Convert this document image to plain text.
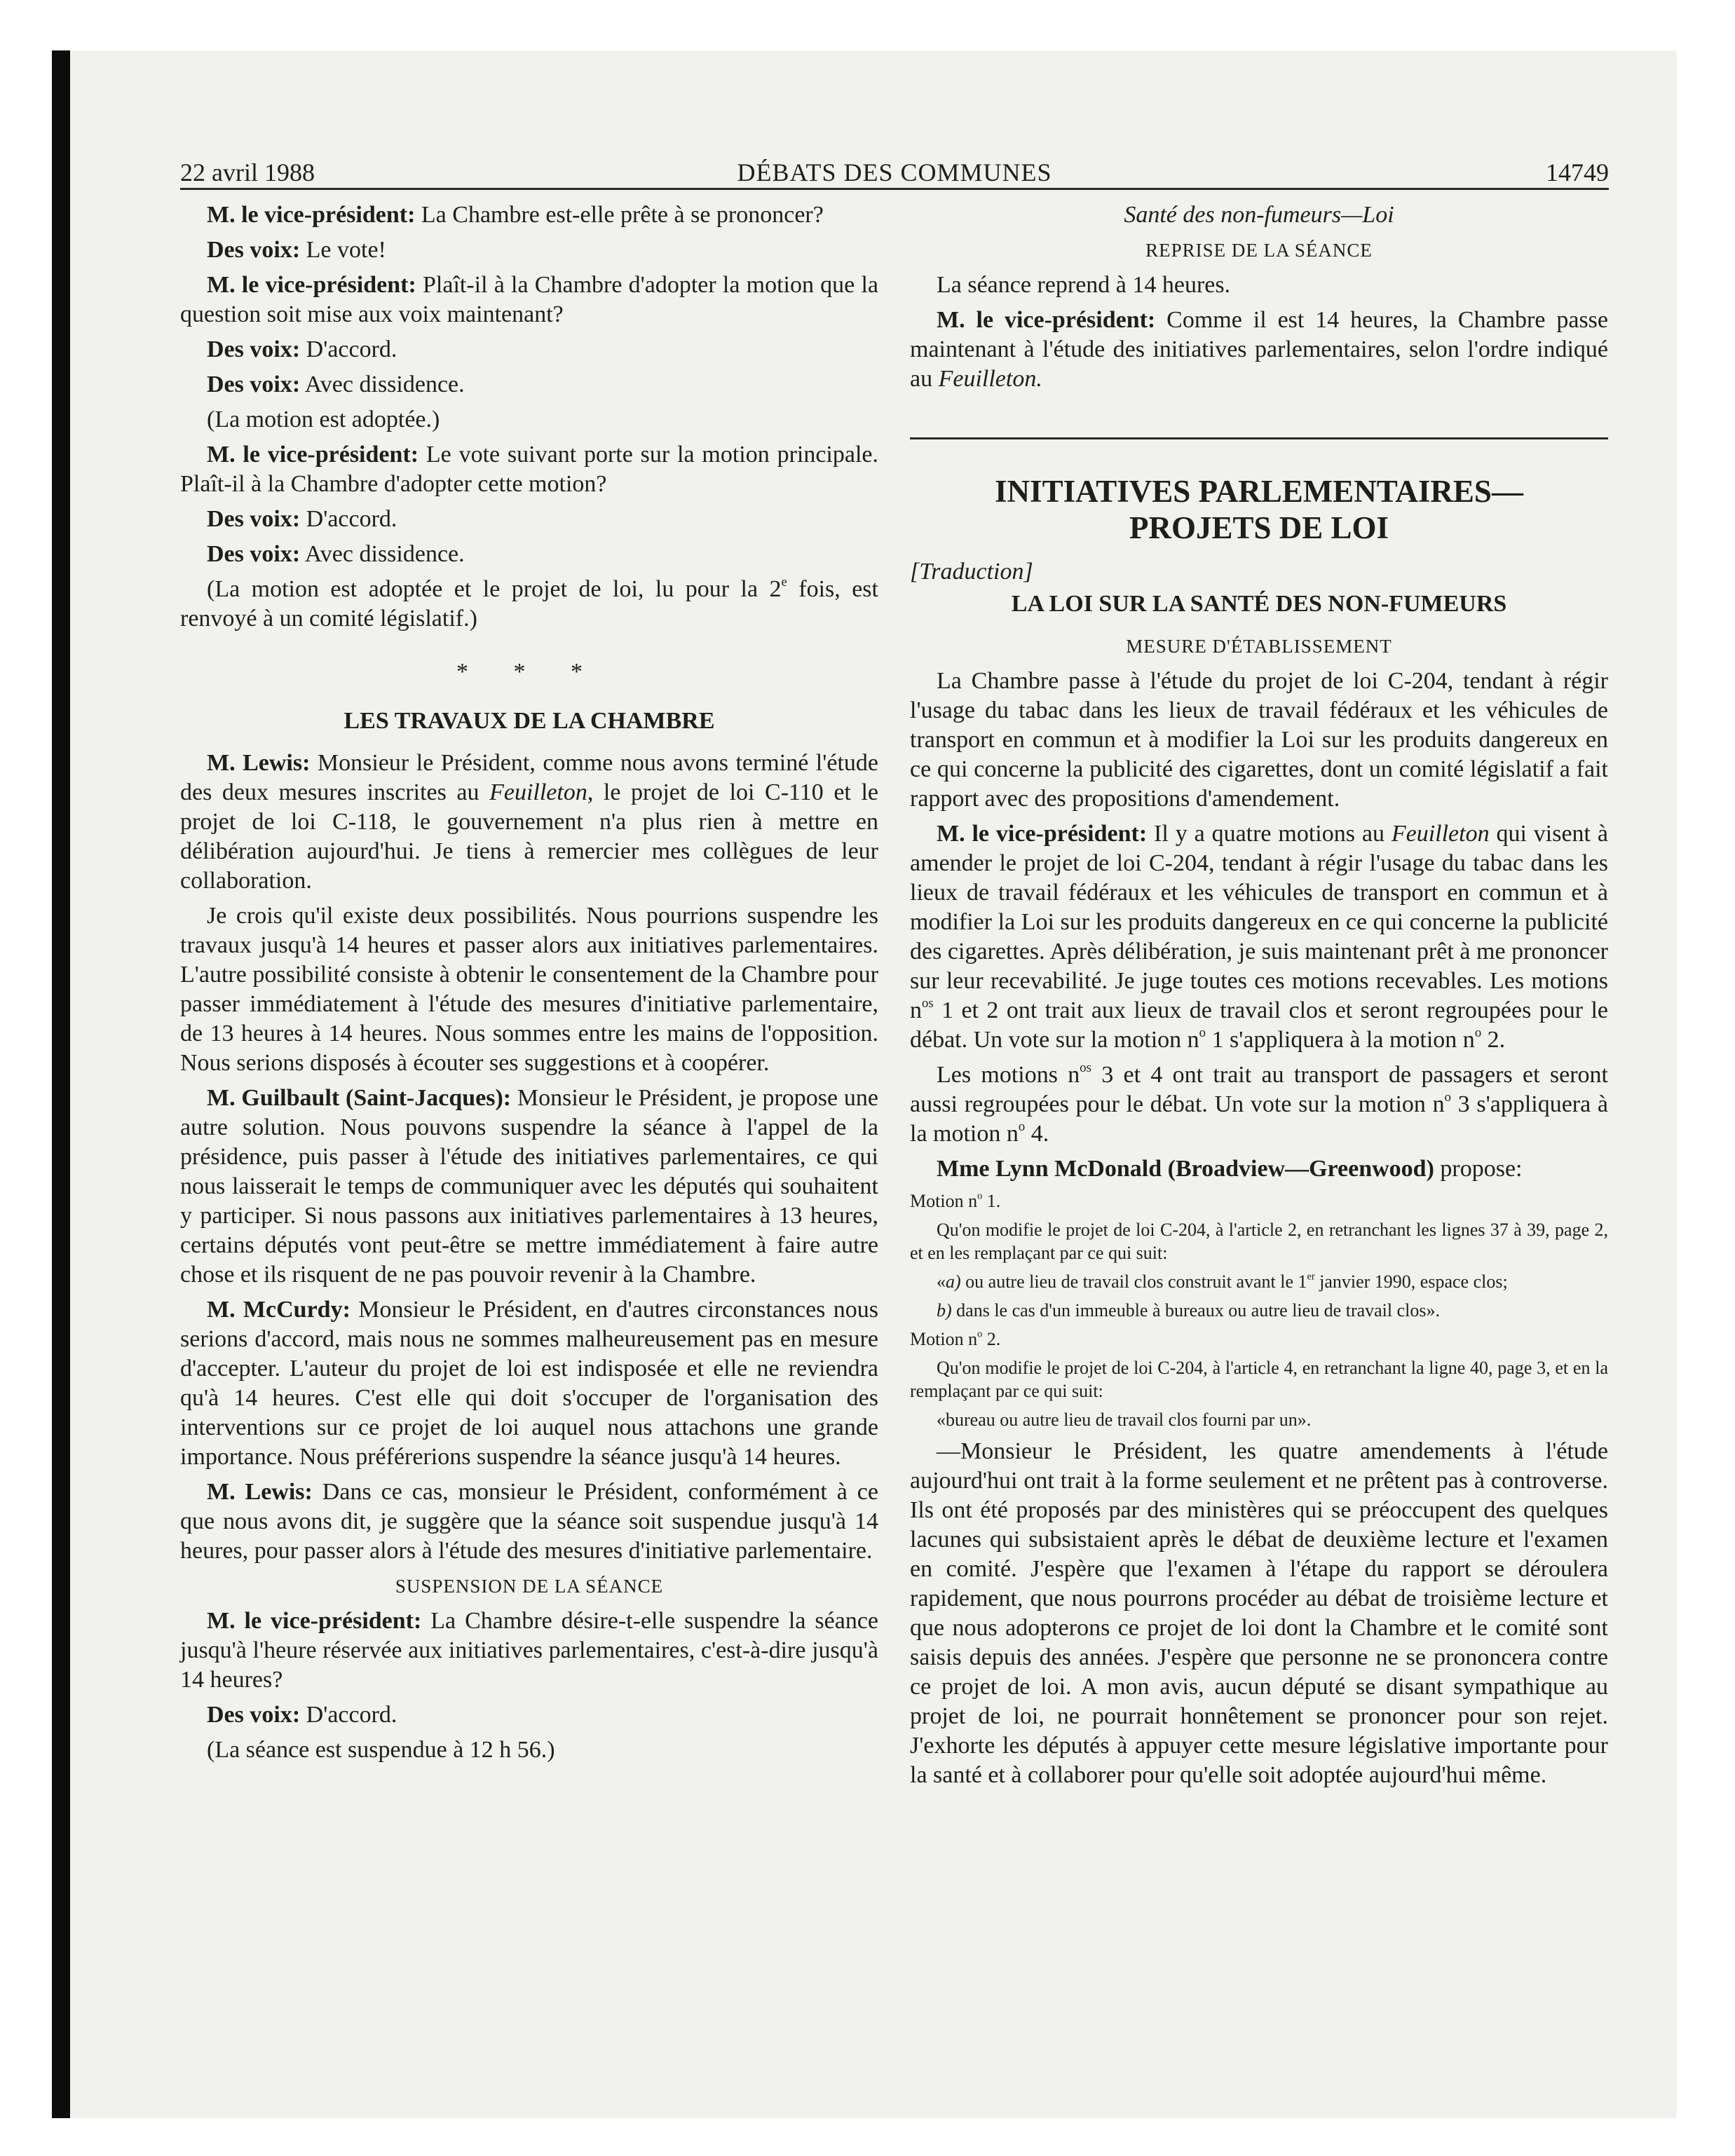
22 avril 1988	DÉBATS DES COMMUNES	14749

M. le vice-président: La Chambre est-elle prête à se prononcer?

Des voix: Le vote!

M. le vice-président: Plaît-il à la Chambre d'adopter la motion que la question soit mise aux voix maintenant?

Des voix: D'accord.

Des voix: Avec dissidence.

(La motion est adoptée.)

M. le vice-président: Le vote suivant porte sur la motion principale. Plaît-il à la Chambre d'adopter cette motion?

Des voix: D'accord.

Des voix: Avec dissidence.

(La motion est adoptée et le projet de loi, lu pour la 2e fois, est renvoyé à un comité législatif.)

* * *
LES TRAVAUX DE LA CHAMBRE

M. Lewis: Monsieur le Président, comme nous avons terminé l'étude des deux mesures inscrites au Feuilleton, le projet de loi C-110 et le projet de loi C-118, le gouvernement n'a plus rien à mettre en délibération aujourd'hui. Je tiens à remercier mes collègues de leur collaboration.

Je crois qu'il existe deux possibilités. Nous pourrions suspendre les travaux jusqu'à 14 heures et passer alors aux initiatives parlementaires. L'autre possibilité consiste à obtenir le consentement de la Chambre pour passer immédiatement à l'étude des mesures d'initiative parlementaire, de 13 heures à 14 heures. Nous sommes entre les mains de l'opposition. Nous serions disposés à écouter ses suggestions et à coopérer.

M. Guilbault (Saint-Jacques): Monsieur le Président, je propose une autre solution. Nous pouvons suspendre la séance à l'appel de la présidence, puis passer à l'étude des initiatives parlementaires, ce qui nous laisserait le temps de communiquer avec les députés qui souhaitent y participer. Si nous passons aux initiatives parlementaires à 13 heures, certains députés vont peut-être se mettre immédiatement à faire autre chose et ils risquent de ne pas pouvoir revenir à la Chambre.

M. McCurdy: Monsieur le Président, en d'autres circonstances nous serions d'accord, mais nous ne sommes malheureusement pas en mesure d'accepter. L'auteur du projet de loi est indisposée et elle ne reviendra qu'à 14 heures. C'est elle qui doit s'occuper de l'organisation des interventions sur ce projet de loi auquel nous attachons une grande importance. Nous préférerions suspendre la séance jusqu'à 14 heures.

M. Lewis: Dans ce cas, monsieur le Président, conformément à ce que nous avons dit, je suggère que la séance soit suspendue jusqu'à 14 heures, pour passer alors à l'étude des mesures d'initiative parlementaire.

SUSPENSION DE LA SÉANCE

M. le vice-président: La Chambre désire-t-elle suspendre la séance jusqu'à l'heure réservée aux initiatives parlementaires, c'est-à-dire jusqu'à 14 heures?

Des voix: D'accord.

(La séance est suspendue à 12 h 56.)

Santé des non-fumeurs—Loi

REPRISE DE LA SÉANCE

La séance reprend à 14 heures.

M. le vice-président: Comme il est 14 heures, la Chambre passe maintenant à l'étude des initiatives parlementaires, selon l'ordre indiqué au Feuilleton.

INITIATIVES PARLEMENTAIRES—
PROJETS DE LOI

[Traduction]

LA LOI SUR LA SANTÉ DES NON-FUMEURS
MESURE D'ÉTABLISSEMENT

La Chambre passe à l'étude du projet de loi C-204, tendant à régir l'usage du tabac dans les lieux de travail fédéraux et les véhicules de transport en commun et à modifier la Loi sur les produits dangereux en ce qui concerne la publicité des cigarettes, dont un comité législatif a fait rapport avec des propositions d'amendement.

M. le vice-président: Il y a quatre motions au Feuilleton qui visent à amender le projet de loi C-204, tendant à régir l'usage du tabac dans les lieux de travail fédéraux et les véhicules de transport en commun et à modifier la Loi sur les produits dangereux en ce qui concerne la publicité des cigarettes. Après délibération, je suis maintenant prêt à me prononcer sur leur recevabilité. Je juge toutes ces motions recevables. Les motions $n^{os}$ 1 et 2 ont trait aux lieux de travail clos et seront regroupées pour le débat. Un vote sur la motion $n^o$ 1 s'appliquera à la motion $n^o$ 2.

Les motions $n^{os}$ 3 et 4 ont trait au transport de passagers et seront aussi regroupées pour le débat. Un vote sur la motion $n^o$ 3 s'appliquera à la motion $n^o$ 4.

Mme Lynn McDonald (Broadview—Greenwood) propose:

Motion $n^o$ 1.

Qu'on modifie le projet de loi C-204, à l'article 2, en retranchant les lignes 37 à 39, page 2, et en les remplaçant par ce qui suit:

«a) ou autre lieu de travail clos construit avant le 1er janvier 1990, espace clos;

b) dans le cas d'un immeuble à bureaux ou autre lieu de travail clos».

Motion $n^o$ 2.

Qu'on modifie le projet de loi C-204, à l'article 4, en retranchant la ligne 40, page 3, et en la remplaçant par ce qui suit:

«bureau ou autre lieu de travail clos fourni par un».

—Monsieur le Président, les quatre amendements à l'étude aujourd'hui ont trait à la forme seulement et ne prêtent pas à controverse. Ils ont été proposés par des ministères qui se préoccupent des quelques lacunes qui subsistaient après le débat de deuxième lecture et l'examen en comité. J'espère que l'examen à l'étape du rapport se déroulera rapidement, que nous pourrons procéder au débat de troisième lecture et que nous adopterons ce projet de loi dont la Chambre et le comité sont saisis depuis des années. J'espère que personne ne se prononcera contre ce projet de loi. A mon avis, aucun député se disant sympathique au projet de loi, ne pourrait honnêtement se prononcer pour son rejet. J'exhorte les députés à appuyer cette mesure législative importante pour la santé et à collaborer pour qu'elle soit adoptée aujourd'hui même.
